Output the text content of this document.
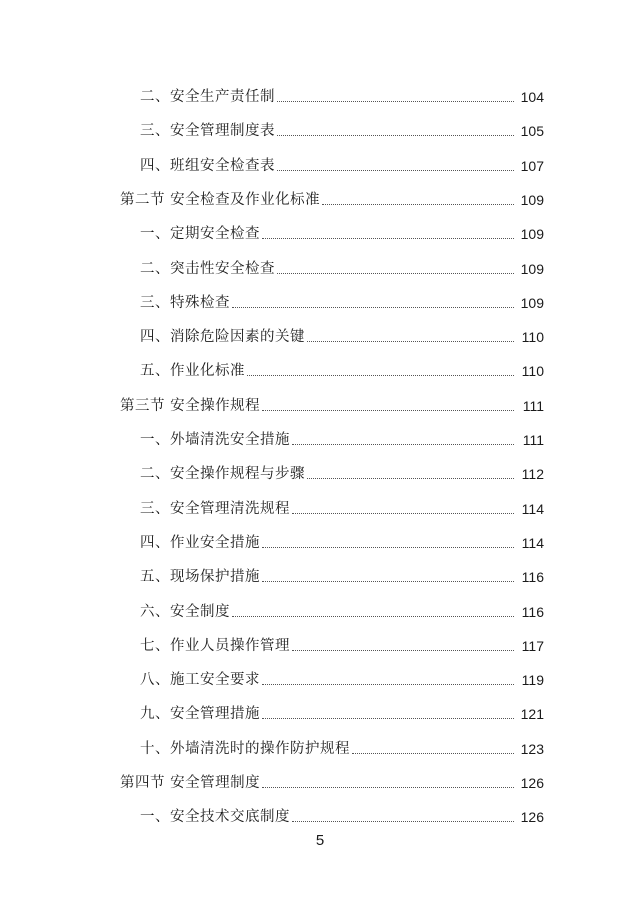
二、安全生产责任制	104
三、安全管理制度表	105
四、班组安全检查表	107
第二节 安全检查及作业化标准	109
一、定期安全检查	109
二、突击性安全检查	109
三、特殊检查	109
四、消除危险因素的关键	110
五、作业化标准	110
第三节 安全操作规程	111
一、外墙清洗安全措施	111
二、安全操作规程与步骤	112
三、安全管理清洗规程	114
四、作业安全措施	114
五、现场保护措施	116
六、安全制度	116
七、作业人员操作管理	117
八、施工安全要求	119
九、安全管理措施	121
十、外墙清洗时的操作防护规程	123
第四节 安全管理制度	126
一、安全技术交底制度	126
5
